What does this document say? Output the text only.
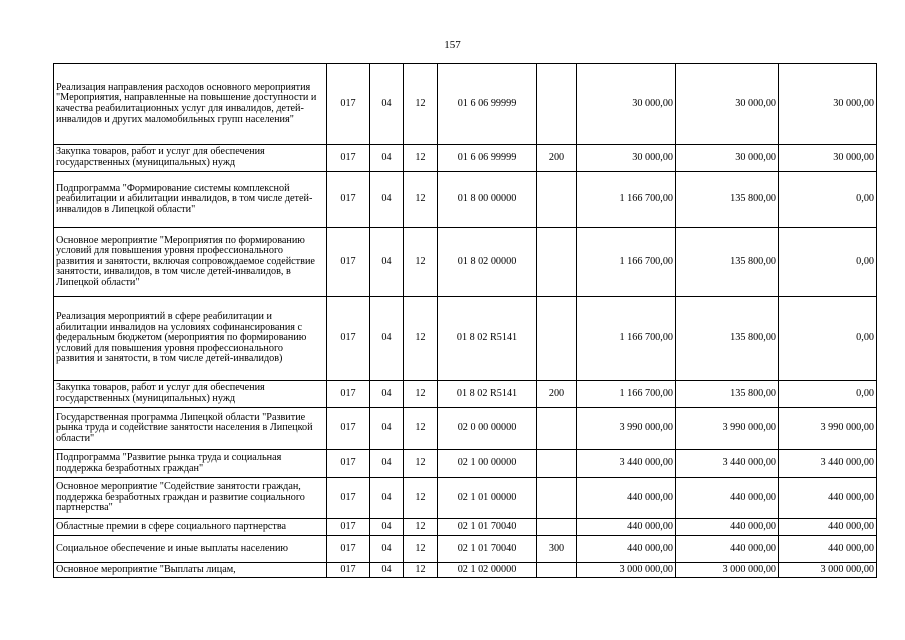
157
Реализация направления расходов основного мероприятия "Мероприятия, направленные на повышение доступности и качества реабилитационных услуг для инвалидов, детей-инвалидов и других маломобильных групп населения"	017	04	12	01 6 06 99999		30 000,00	30 000,00	30 000,00
Закупка товаров, работ и услуг для обеспечения государственных (муниципальных) нужд	017	04	12	01 6 06 99999	200	30 000,00	30 000,00	30 000,00
Подпрограмма "Формирование системы комплексной реабилитации и абилитации инвалидов, в том числе детей-инвалидов в Липецкой области"	017	04	12	01 8 00 00000		1 166 700,00	135 800,00	0,00
Основное мероприятие "Мероприятия по формированию условий для повышения уровня профессионального развития и занятости, включая сопровождаемое содействие занятости, инвалидов, в том числе детей-инвалидов, в Липецкой области"	017	04	12	01 8 02 00000		1 166 700,00	135 800,00	0,00
Реализация мероприятий в сфере реабилитации и абилитации инвалидов на условиях софинансирования с федеральным бюджетом (мероприятия по формированию условий для повышения уровня профессионального развития и занятости, в том числе детей-инвалидов)	017	04	12	01 8 02 R5141		1 166 700,00	135 800,00	0,00
Закупка товаров, работ и услуг для обеспечения государственных (муниципальных) нужд	017	04	12	01 8 02 R5141	200	1 166 700,00	135 800,00	0,00
Государственная программа Липецкой области "Развитие рынка труда и содействие занятости населения в Липецкой области"	017	04	12	02 0 00 00000		3 990 000,00	3 990 000,00	3 990 000,00
Подпрограмма "Развитие рынка труда и социальная поддержка безработных граждан"	017	04	12	02 1 00 00000		3 440 000,00	3 440 000,00	3 440 000,00
Основное мероприятие "Содействие занятости граждан, поддержка безработных граждан и развитие социального партнерства"	017	04	12	02 1 01 00000		440 000,00	440 000,00	440 000,00
Областные премии в сфере социального партнерства	017	04	12	02 1 01 70040		440 000,00	440 000,00	440 000,00
Социальное обеспечение и иные выплаты населению	017	04	12	02 1 01 70040	300	440 000,00	440 000,00	440 000,00
Основное мероприятие "Выплаты лицам,	017	04	12	02 1 02 00000		3 000 000,00	3 000 000,00	3 000 000,00
